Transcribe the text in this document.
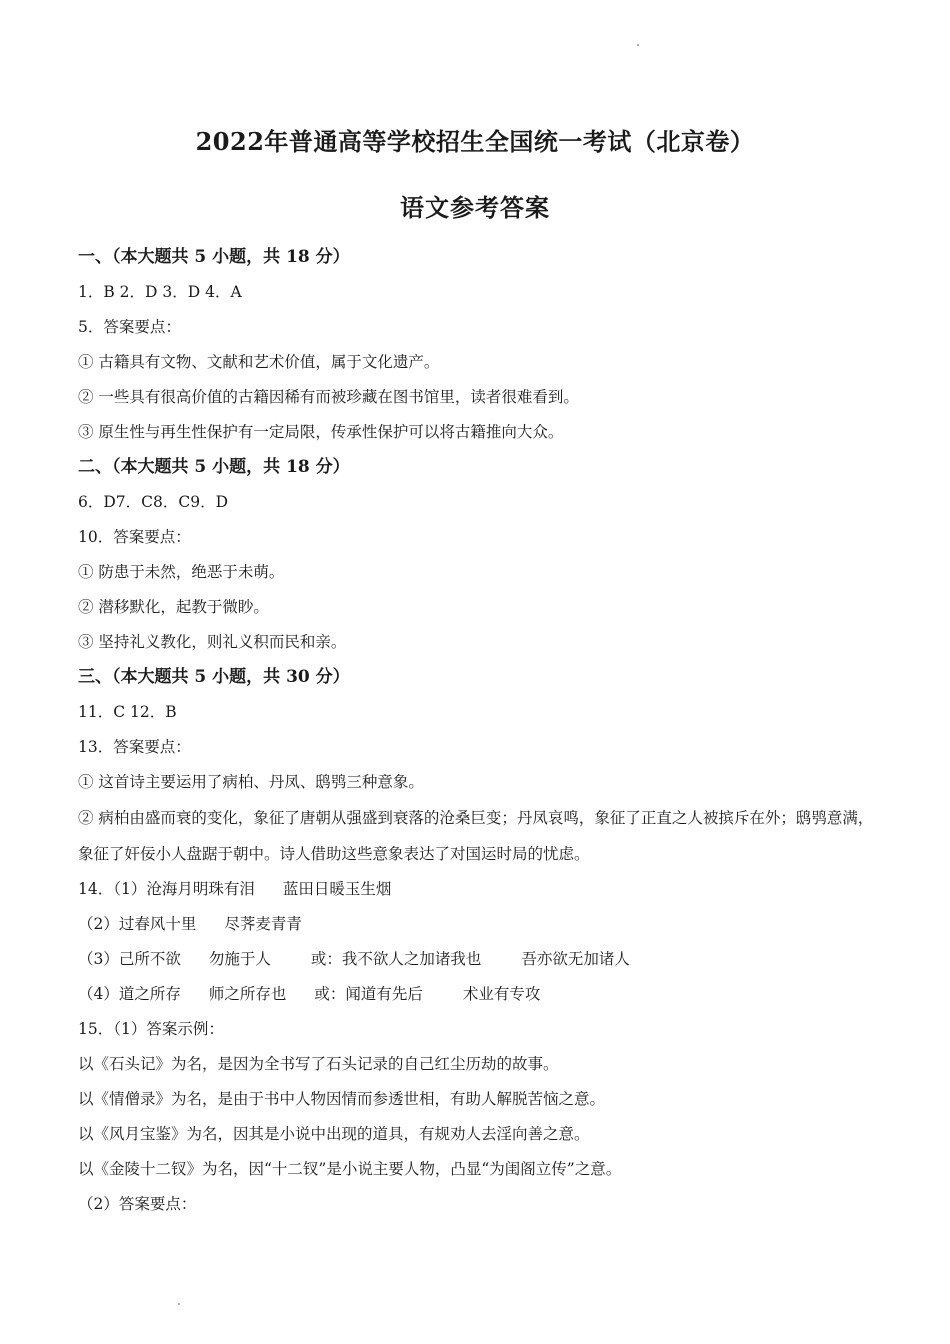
2022年普通高等学校招生全国统一考试（北京卷）
语文参考答案
一、（本大题共 5 小题，共 18 分）
1．B 2．D 3．D 4．A
5．答案要点：
① 古籍具有文物、文献和艺术价值，属于文化遗产。
② 一些具有很高价值的古籍因稀有而被珍藏在图书馆里，读者很难看到。
③ 原生性与再生性保护有一定局限，传承性保护可以将古籍推向大众。
二、（本大题共 5 小题，共 18 分）
6．D7．C8．C9．D
10．答案要点：
① 防患于未然，绝恶于未萌。
② 潜移默化，起教于微眇。
③ 坚持礼义教化，则礼义积而民和亲。
三、（本大题共 5 小题，共 30 分）
11．C 12．B
13．答案要点：
① 这首诗主要运用了病柏、丹凤、鸱鸮三种意象。
② 病柏由盛而衰的变化，象征了唐朝从强盛到衰落的沧桑巨变；丹凤哀鸣，象征了正直之人被摈斥在外；鸱鸮意满，象征了奸佞小人盘踞于朝中。诗人借助这些意象表达了对国运时局的忧虑。
14．（1）沧海月明珠有泪 蓝田日暖玉生烟
（2）过春风十里 尽荠麦青青
（3）己所不欲 勿施于人	或：我不欲人之加诸我也	吾亦欲无加诸人
（4）道之所存 师之所存也 或：闻道有先后	术业有专攻
15．（1）答案示例：
以《石头记》为名，是因为全书写了石头记录的自己红尘历劫的故事。
以《情僧录》为名，是由于书中人物因情而参透世相，有助人解脱苦恼之意。
以《风月宝鉴》为名，因其是小说中出现的道具，有规劝人去淫向善之意。
以《金陵十二钗》为名，因“十二钗”是小说主要人物，凸显“为闺阁立传”之意。
（2）答案要点：
